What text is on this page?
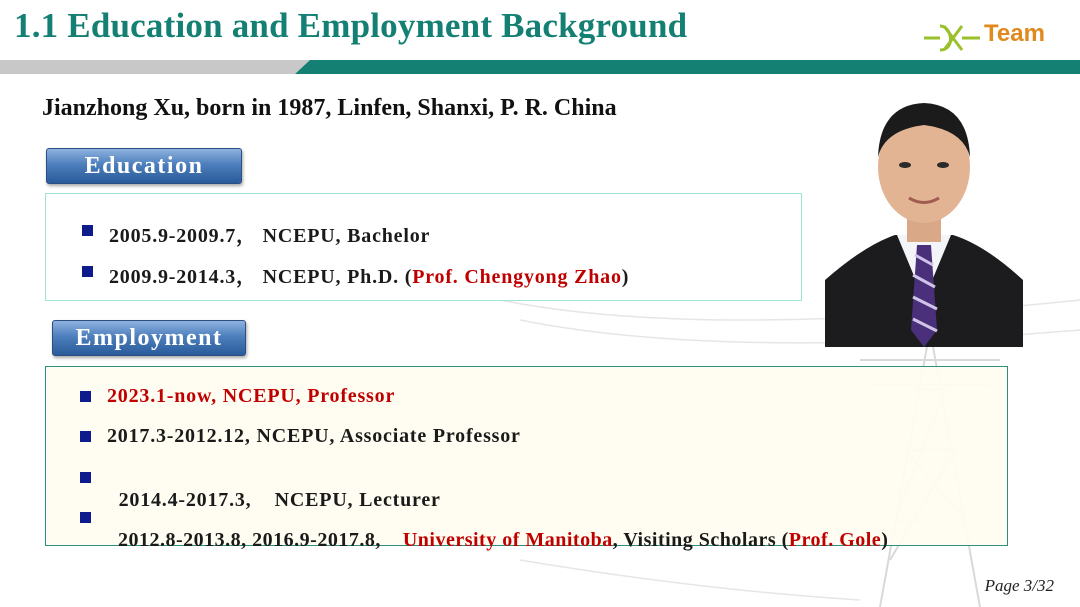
1.1 Education and Employment Background	Team
Jianzhong Xu, born in 1987, Linfen, Shanxi, P. R. China
Education
2005.9-2009.7， NCEPU, Bachelor
2009.9-2014.3， NCEPU, Ph.D. (Prof. Chengyong Zhao)
Employment
2023.1-now, NCEPU, Professor
2017.3-2012.12, NCEPU, Associate Professor

2014.4-2017.3,    NCEPU, Lecturer

2012.8-2013.8, 2016.9-2017.8,    University of Manitoba, Visiting Scholars (Prof. Gole)

Page 3/32
